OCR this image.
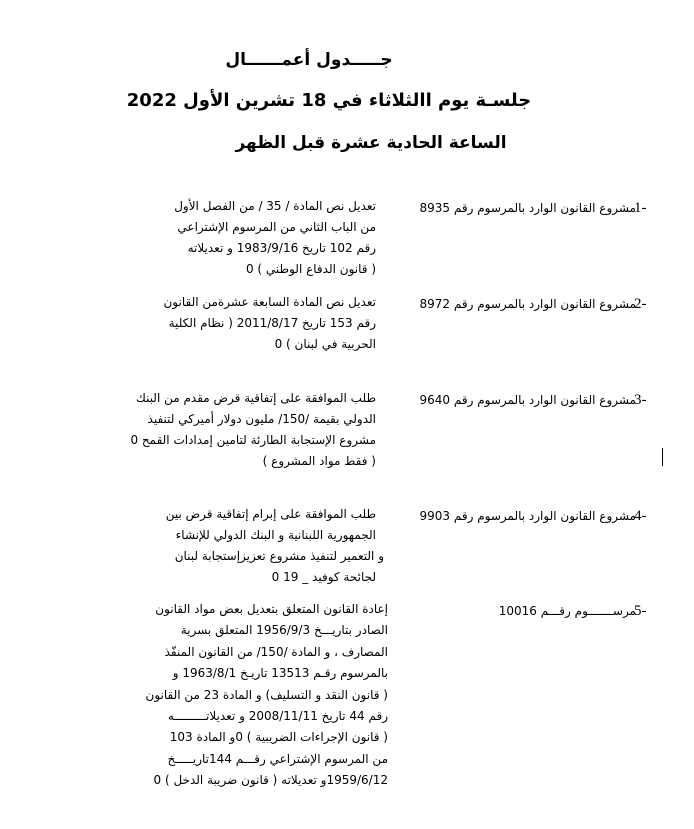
جـــــدول أعمــــــال
جلسـة يوم االثلاثاء في 18 تشرين الأول 2022
الساعة الحادية عشرة قبل الظهر
1-
مشروع القانون الوارد بالمرسوم رقم 8935
تعديل نص المادة / 35 / من الفصل الأول
من الباب الثاني من المرسوم الإشتراعي
رقم 102 تاريخ 1983/9/16 و تعديلاته
( قانون الدفاع الوطني ) 0
2-
مشروع القانون الوارد بالمرسوم رقم 8972
تعديل نص المادة السابعة عشرةمن القانون
رقم 153 تاريخ 2011/8/17 ( نظام الكلية
الحربية في لبنان ) 0
3-
مشروع القانون الوارد بالمرسوم رقم 9640
طلب الموافقة على إتفاقية قرض مقدم من البنك
الدولي بقيمة /150/ مليون دولار أميركي لتنفيذ
مشروع الإستجابة الطارئة لتامين إمدادات القمح 0
( فقط مواد المشروع )
4-
مشروع القانون الوارد بالمرسوم رقم 9903
طلب الموافقة على إبرام إتفاقية قرض بين
الجمهورية اللبنانية و البنك الدولي للإنشاء
و التعمير لتنفيذ مشروع تعزيزإستجابة لبنان
لجائحة كوفيد _ 19 0
5-
مرســـــــوم رقـــم 10016
إعادة القانون المتعلق بتعديل بعض مواد القانون
الصادر بتاريـــخ 1956/9/3 المتعلق بسرية
المصارف ، و المادة /150/ من القانون المنفّذ
بالمرسوم رقـم 13513 تاريـخ 1963/8/1 و
( قانون النقد و التسليف) و المادة 23 من القانون
رقم 44 تاريخ 2008/11/11 و تعديلاتـــــــــه
( قانون الإجراءات الضريبية ) 0و المادة 103
من المرسوم الإشتراعي رقـــم 144تاريـــــخ
1959/6/12و تعديلاته ( قانون ضريبة الدخل ) 0
